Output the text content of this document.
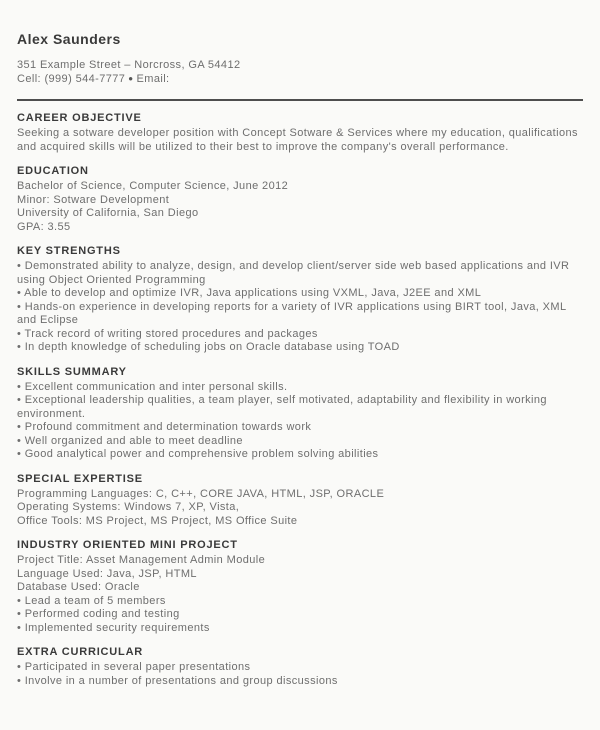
Alex Saunders

351 Example Street – Norcross, GA 54412

Cell: (999) 544-7777 ● Email:

CAREER OBJECTIVE

Seeking a sotware developer position with Concept Sotware & Services where my education, qualifications and acquired skills will be utilized to their best to improve the company's overall performance.

EDUCATION

Bachelor of Science, Computer Science, June 2012

Minor: Sotware Development

University of California, San Diego

GPA: 3.55

KEY STRENGTHS
• Demonstrated ability to analyze, design, and develop client/server side web based applications and IVR using Object Oriented Programming
• Able to develop and optimize IVR, Java applications using VXML, Java, J2EE and XML
• Hands-on experience in developing reports for a variety of IVR applications using BIRT tool, Java, XML and Eclipse
• Track record of writing stored procedures and packages
• In depth knowledge of scheduling jobs on Oracle database using TOAD
SKILLS SUMMARY
• Excellent communication and inter personal skills.
• Exceptional leadership qualities, a team player, self motivated, adaptability and flexibility in working environment.
• Profound commitment and determination towards work
• Well organized and able to meet deadline
• Good analytical power and comprehensive problem solving abilities
SPECIAL EXPERTISE

Programming Languages: C, C++, CORE JAVA, HTML, JSP, ORACLE

Operating Systems: Windows 7, XP, Vista,

Office Tools: MS Project, MS Project, MS Office Suite

INDUSTRY ORIENTED MINI PROJECT

Project Title: Asset Management Admin Module

Language Used: Java, JSP, HTML

Database Used: Oracle

• Lead a team of 5 members
• Performed coding and testing
• Implemented security requirements
EXTRA CURRICULAR
• Participated in several paper presentations
• Involve in a number of presentations and group discussions
